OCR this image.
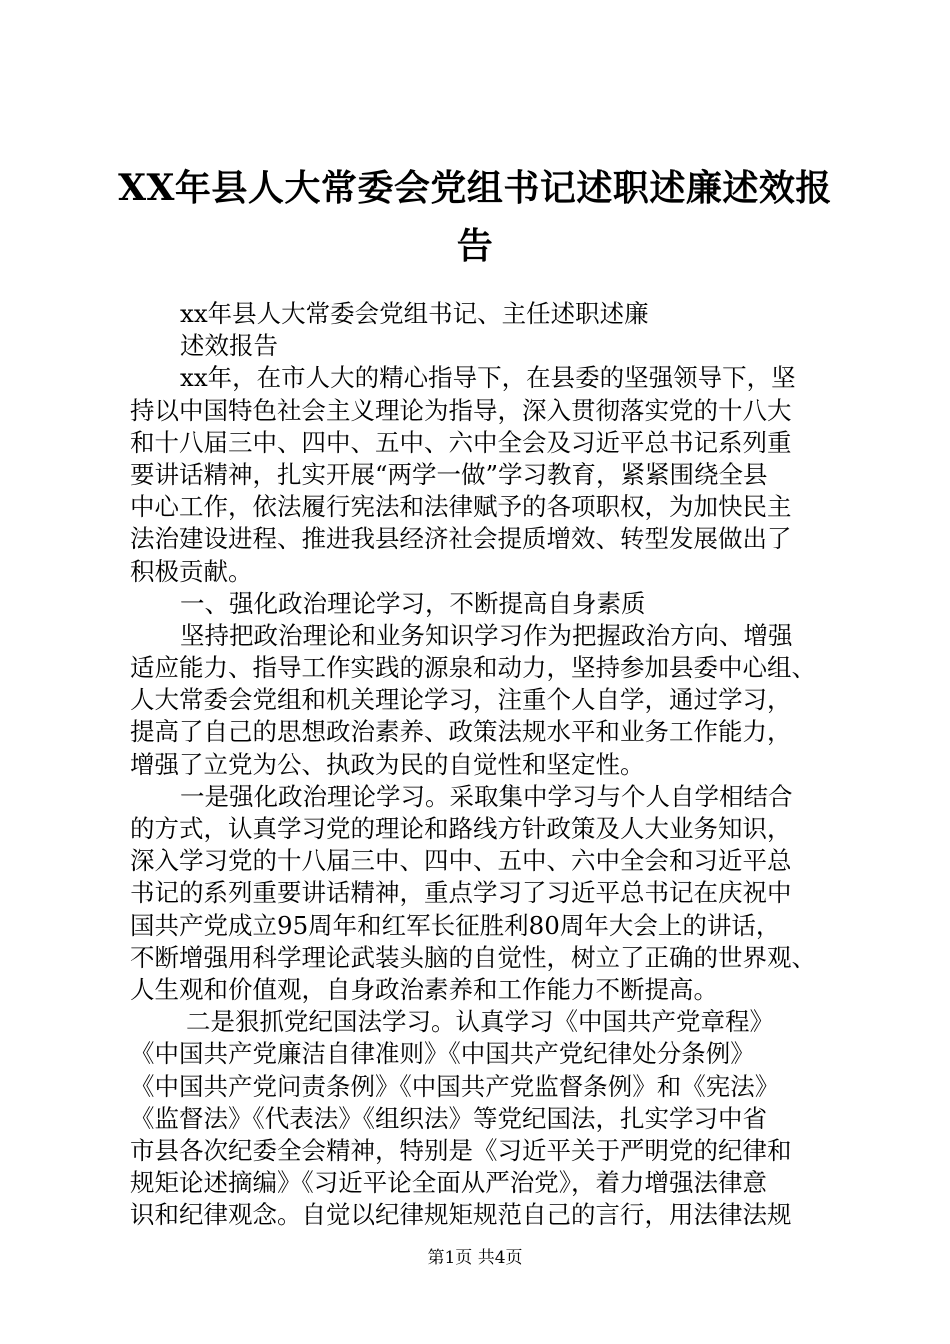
XX年县人大常委会党组书记述职述廉述效报
告
xx年县人大常委会党组书记、主任述职述廉
述效报告
xx年，在市人大的精心指导下，在县委的坚强领导下，坚
持以中国特色社会主义理论为指导，深入贯彻落实党的十八大
和十八届三中、四中、五中、六中全会及习近平总书记系列重
要讲话精神，扎实开展“两学一做”学习教育，紧紧围绕全县
中心工作，依法履行宪法和法律赋予的各项职权，为加快民主
法治建设进程、推进我县经济社会提质增效、转型发展做出了
积极贡献。
一、强化政治理论学习，不断提高自身素质
坚持把政治理论和业务知识学习作为把握政治方向、增强
适应能力、指导工作实践的源泉和动力，坚持参加县委中心组、
人大常委会党组和机关理论学习，注重个人自学，通过学习，
提高了自己的思想政治素养、政策法规水平和业务工作能力，
增强了立党为公、执政为民的自觉性和坚定性。
一是强化政治理论学习。采取集中学习与个人自学相结合
的方式，认真学习党的理论和路线方针政策及人大业务知识，
深入学习党的十八届三中、四中、五中、六中全会和习近平总
书记的系列重要讲话精神，重点学习了习近平总书记在庆祝中
国共产党成立95周年和红军长征胜利80周年大会上的讲话，
不断增强用科学理论武装头脑的自觉性，树立了正确的世界观、
人生观和价值观，自身政治素养和工作能力不断提高。
二是狠抓党纪国法学习。认真学习《中国共产党章程》
《中国共产党廉洁自律准则》《中国共产党纪律处分条例》
《中国共产党问责条例》《中国共产党监督条例》和《宪法》
《监督法》《代表法》《组织法》等党纪国法，扎实学习中省
市县各次纪委全会精神，特别是《习近平关于严明党的纪律和
规矩论述摘编》《习近平论全面从严治党》，着力增强法律意
识和纪律观念。自觉以纪律规矩规范自己的言行，用法律法规
第1页 共4页
